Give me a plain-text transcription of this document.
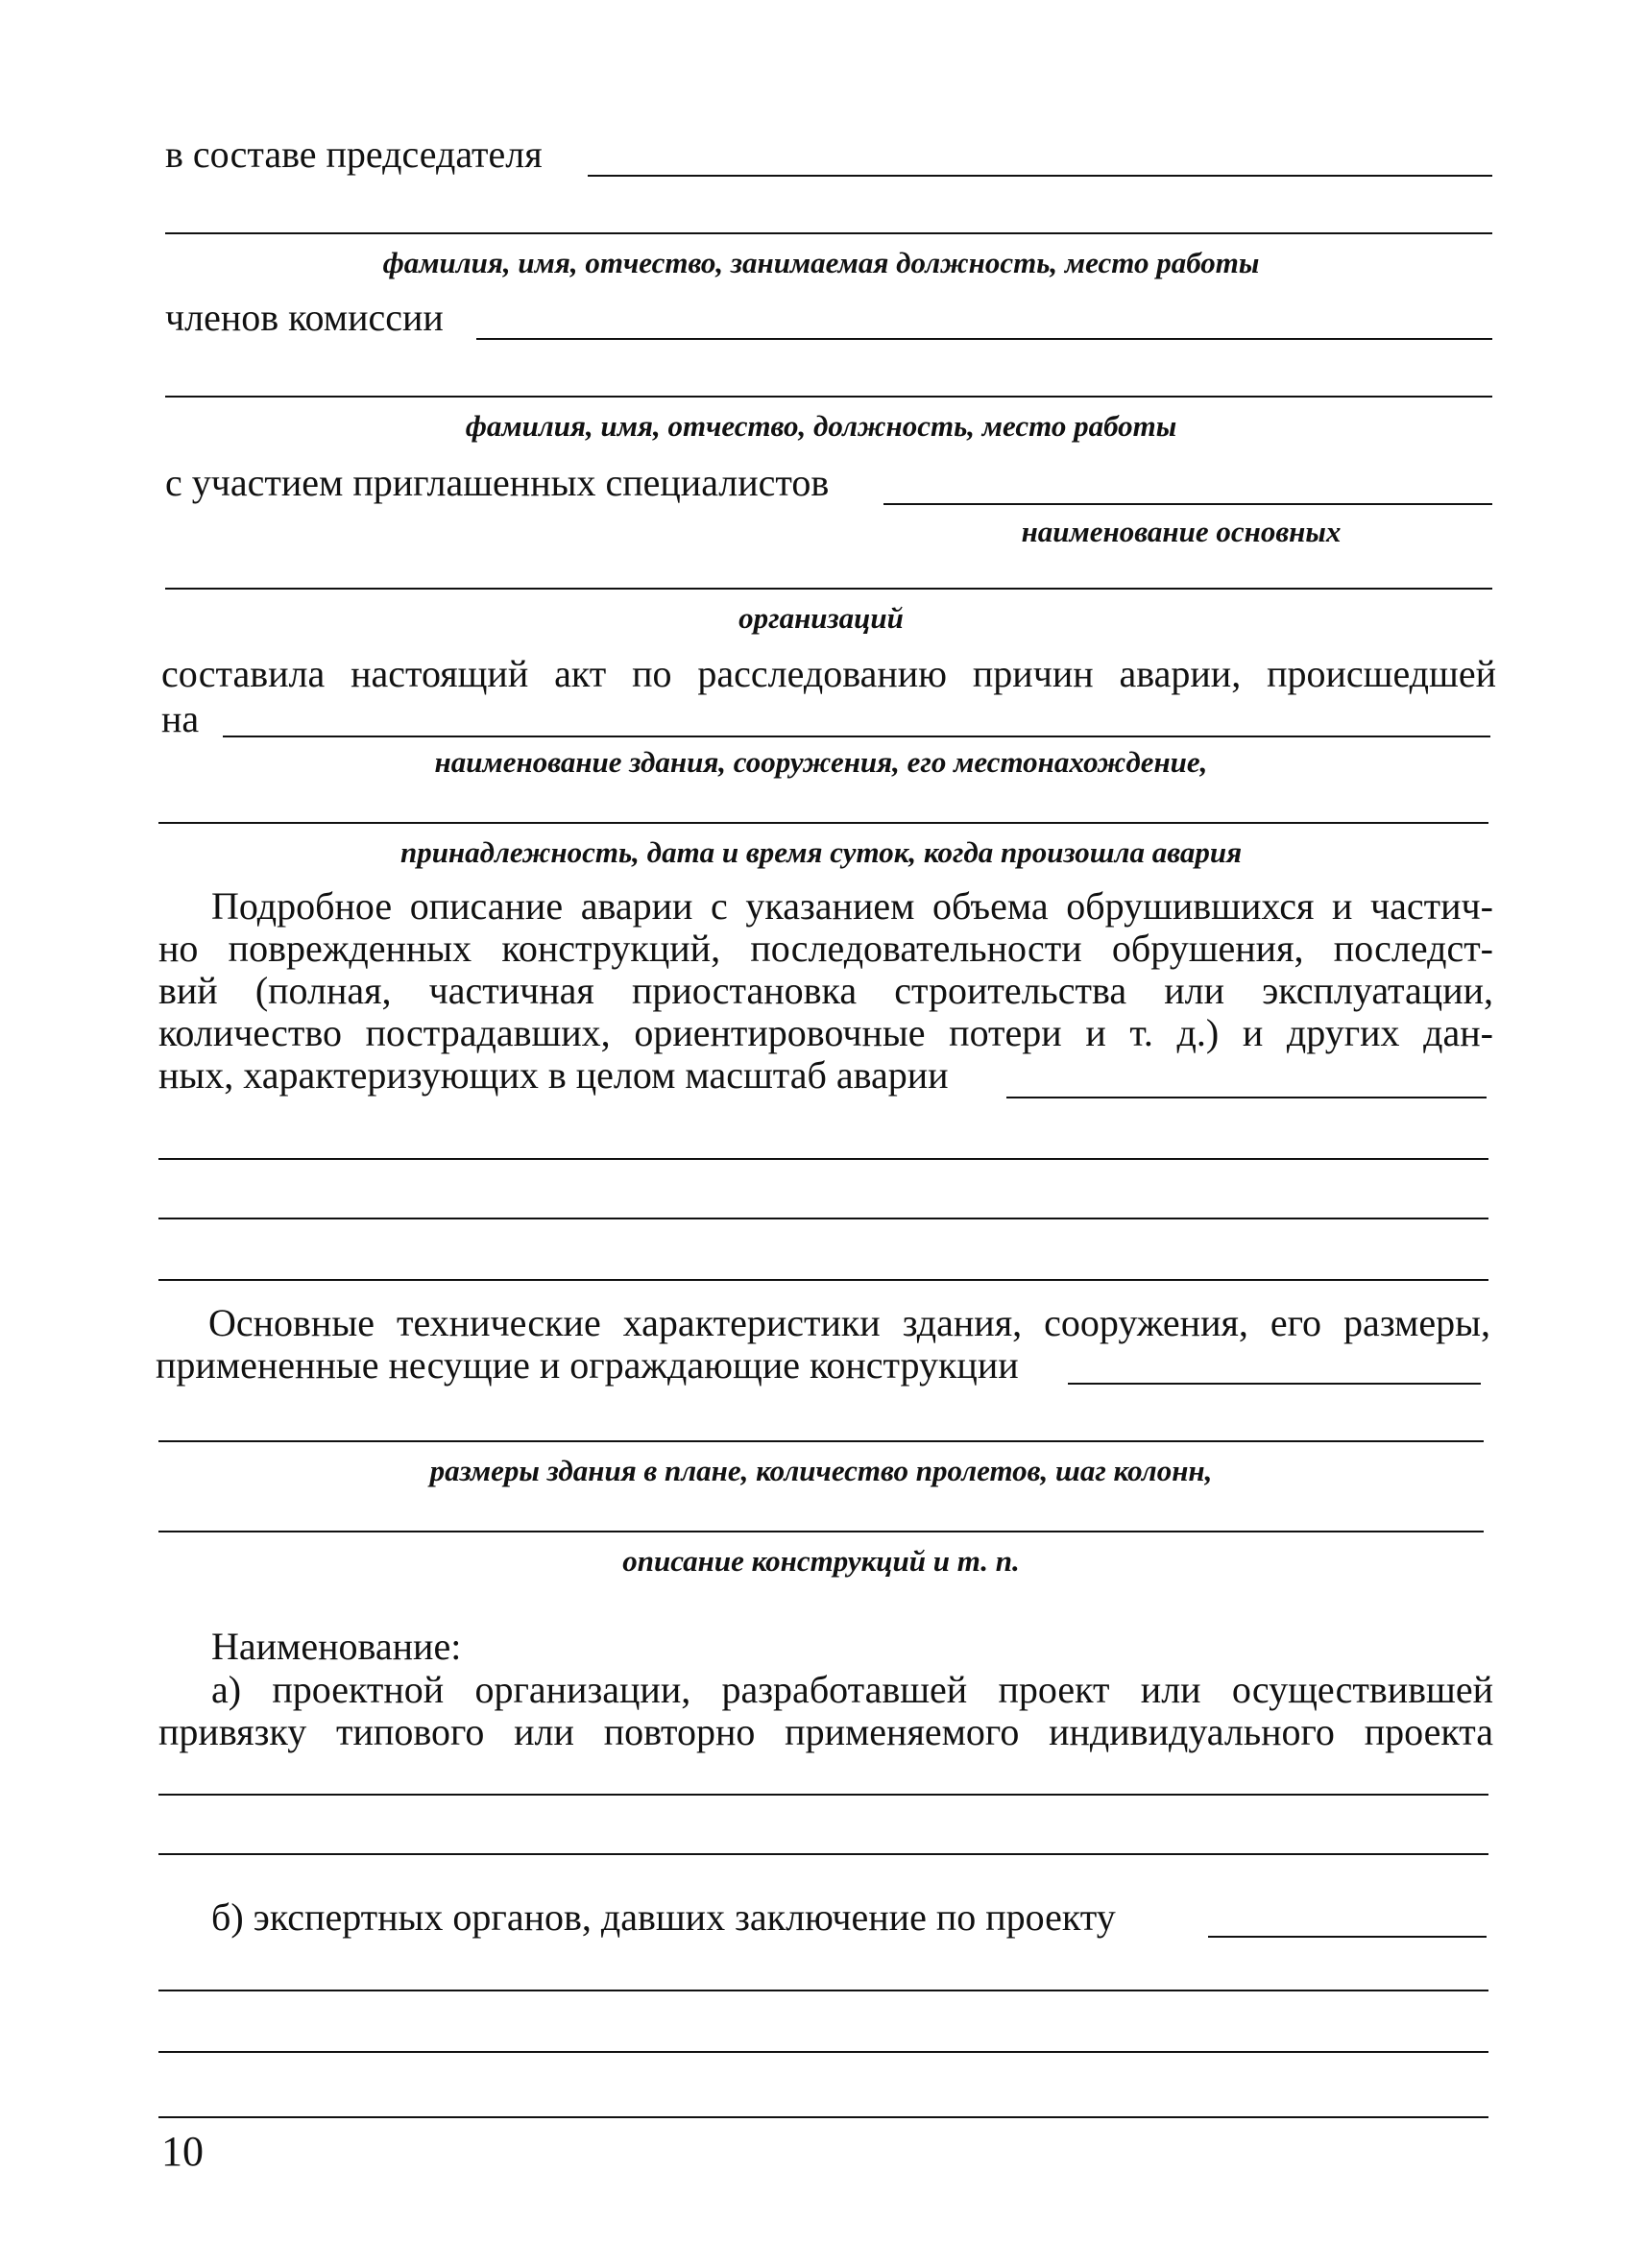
в составе председателя
фамилия, имя, отчество, занимаемая должность, место работы
членов комиссии
фамилия, имя, отчество, должность, место работы
с участием приглашенных специалистов
наименование основных
организаций
составила настоящий акт по расследованию причин аварии, происшедшей
на
наименование здания, сооружения, его местонахождение,
принадлежность, дата и время суток, когда произошла авария
Подробное описание аварии с указанием объема обрушившихся и частич-
но поврежденных конструкций, последовательности обрушения, последст-
вий (полная, частичная приостановка строительства или эксплуатации,
количество пострадавших, ориентировочные потери и т. д.) и других дан-
ных, характеризующих в целом масштаб аварии
Основные технические характеристики здания, сооружения, его размеры,
примененные несущие и ограждающие конструкции
размеры здания в плане, количество пролетов, шаг колонн,
описание конструкций и т. п.
Наименование:
а) проектной организации, разработавшей проект или осуществившей
привязку типового или повторно применяемого индивидуального проекта
б) экспертных органов, давших заключение по проекту
10
